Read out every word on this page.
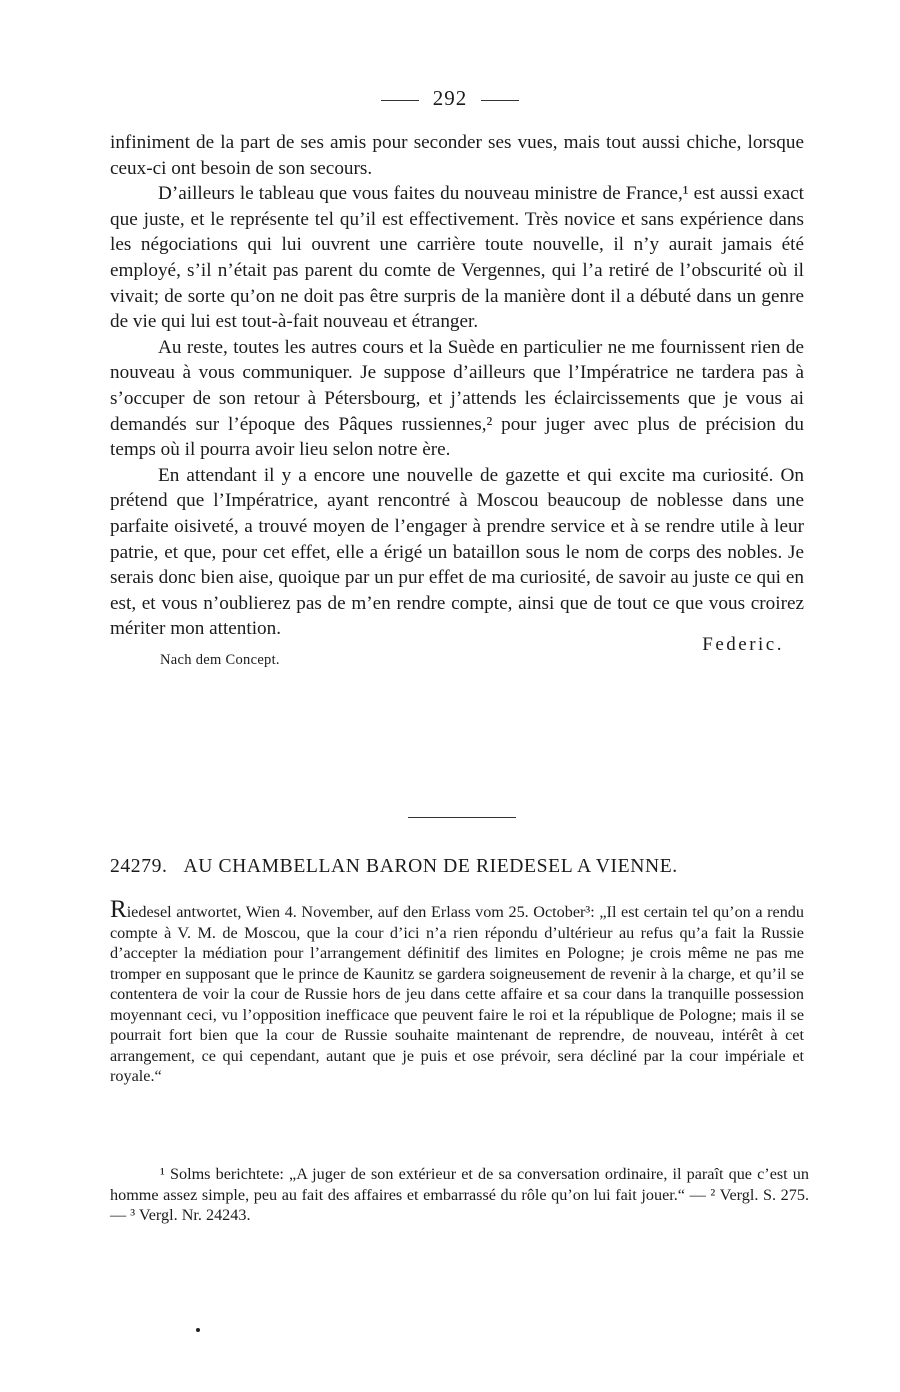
292

infiniment de la part de ses amis pour seconder ses vues, mais tout aussi chiche, lorsque ceux-ci ont besoin de son secours.

D’ailleurs le tableau que vous faites du nouveau ministre de France,¹ est aussi exact que juste, et le représente tel qu’il est effectivement. Très novice et sans expérience dans les négociations qui lui ouvrent une carrière toute nouvelle, il n’y aurait jamais été employé, s’il n’était pas parent du comte de Vergennes, qui l’a retiré de l’obscurité où il vivait; de sorte qu’on ne doit pas être surpris de la manière dont il a débuté dans un genre de vie qui lui est tout-à-fait nouveau et étranger.

Au reste, toutes les autres cours et la Suède en particulier ne me fournissent rien de nouveau à vous communiquer. Je suppose d’ailleurs que l’Impératrice ne tardera pas à s’occuper de son retour à Pétersbourg, et j’attends les éclaircissements que je vous ai demandés sur l’époque des Pâques russiennes,² pour juger avec plus de précision du temps où il pourra avoir lieu selon notre ère.

En attendant il y a encore une nouvelle de gazette et qui excite ma curiosité. On prétend que l’Impératrice, ayant rencontré à Moscou beaucoup de noblesse dans une parfaite oisiveté, a trouvé moyen de l’engager à prendre service et à se rendre utile à leur patrie, et que, pour cet effet, elle a érigé un bataillon sous le nom de corps des nobles. Je serais donc bien aise, quoique par un pur effet de ma curiosité, de savoir au juste ce qui en est, et vous n’oublierez pas de m’en rendre compte, ainsi que de tout ce que vous croirez mériter mon attention.

Nach dem Concept.
Federic.
24279. AU CHAMBELLAN BARON DE RIEDESEL A VIENNE.
Riedesel antwortet, Wien 4. November, auf den Erlass vom 25. October³: „Il est certain tel qu’on a rendu compte à V. M. de Moscou, que la cour d’ici n’a rien répondu d’ultérieur au refus qu’a fait la Russie d’accepter la médiation pour l’arrangement définitif des limites en Pologne; je crois même ne pas me tromper en supposant que le prince de Kaunitz se gardera soigneusement de revenir à la charge, et qu’il se contentera de voir la cour de Russie hors de jeu dans cette affaire et sa cour dans la tranquille possession moyennant ceci, vu l’opposition inefficace que peuvent faire le roi et la république de Pologne; mais il se pourrait fort bien que la cour de Russie souhaite maintenant de reprendre, de nouveau, intérêt à cet arrangement, ce qui cependant, autant que je puis et ose prévoir, sera décliné par la cour impériale et royale.“
¹ Solms berichtete: „A juger de son extérieur et de sa conversation ordinaire, il paraît que c’est un homme assez simple, peu au fait des affaires et embarrassé du rôle qu’on lui fait jouer.“ — ² Vergl. S. 275. — ³ Vergl. Nr. 24243.
